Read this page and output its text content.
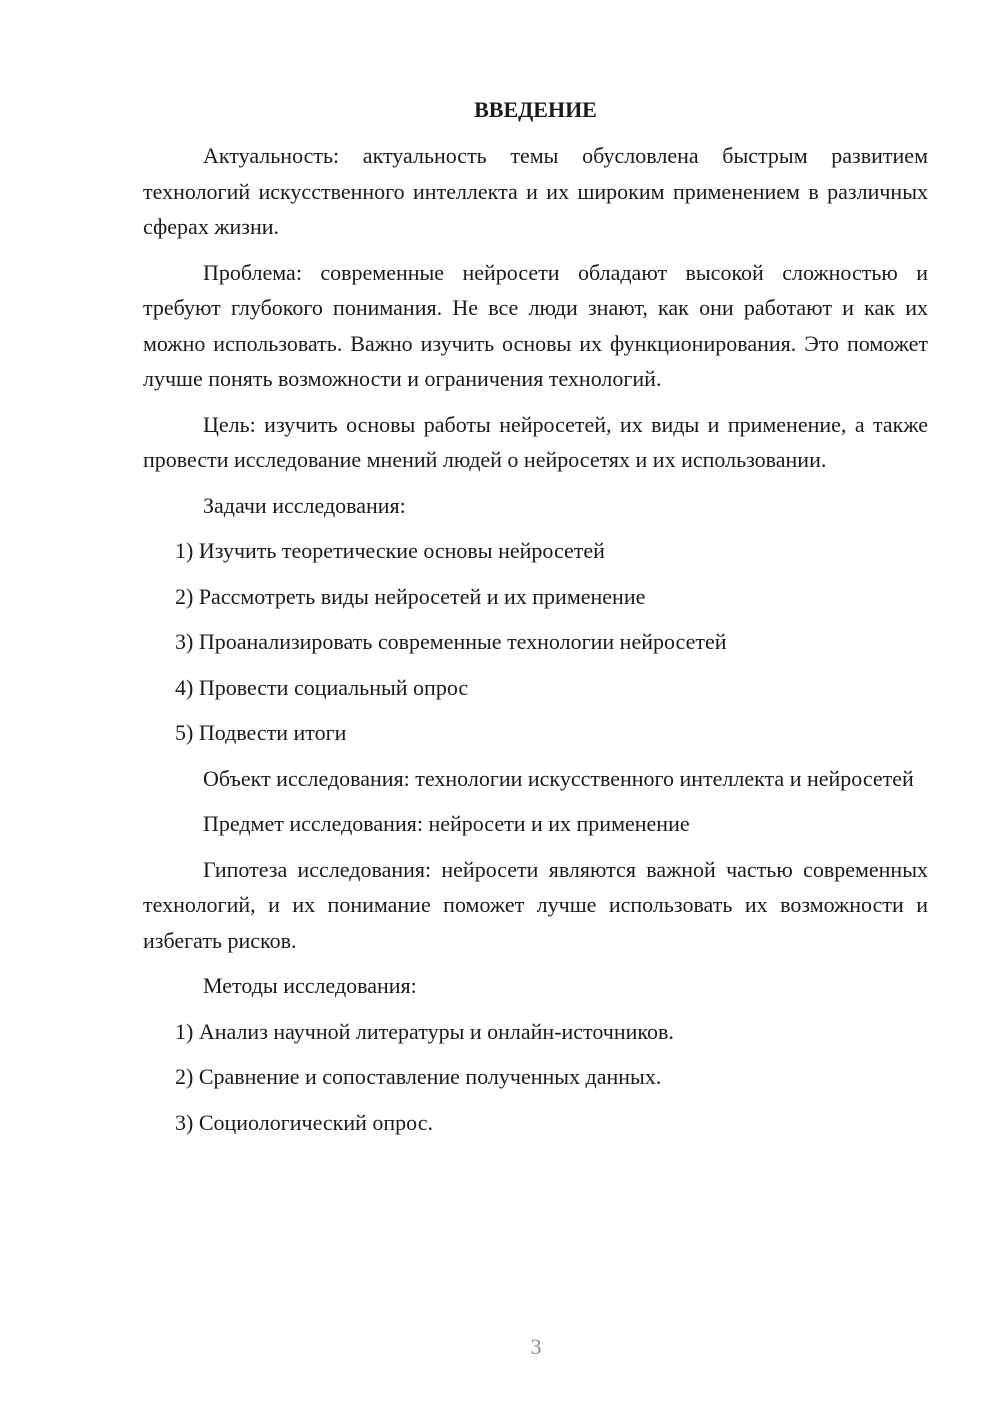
ВВЕДЕНИЕ

Актуальность: актуальность темы обусловлена быстрым развитием технологий искусственного интеллекта и их широким применением в различных сферах жизни.

Проблема: современные нейросети обладают высокой сложностью и требуют глубокого понимания. Не все люди знают, как они работают и как их можно использовать. Важно изучить основы их функционирования. Это поможет лучше понять возможности и ограничения технологий.

Цель: изучить основы работы нейросетей, их виды и применение, а также провести исследование мнений людей о нейросетях и их использовании.

Задачи исследования:

1) Изучить теоретические основы нейросетей

2) Рассмотреть виды нейросетей и их применение

3) Проанализировать современные технологии нейросетей

4) Провести социальный опрос

5) Подвести итоги

Объект исследования: технологии искусственного интеллекта и нейросетей

Предмет исследования: нейросети и их применение

Гипотеза исследования: нейросети являются важной частью современных технологий, и их понимание поможет лучше использовать их возможности и избегать рисков.

Методы исследования:

1) Анализ научной литературы и онлайн-источников.

2) Сравнение и сопоставление полученных данных.

3) Социологический опрос.

3
